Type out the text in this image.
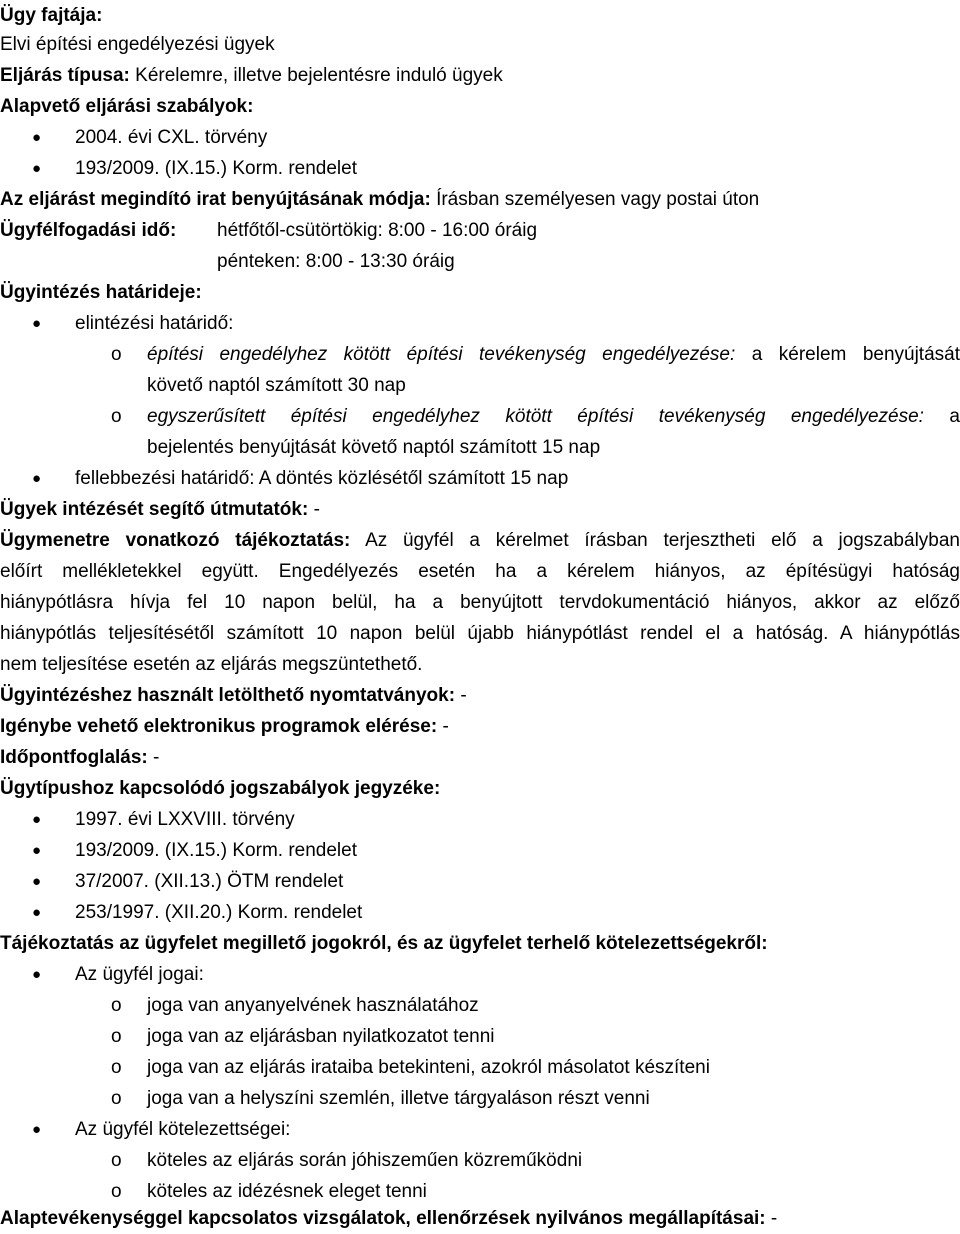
Ügy fajtája:
Elvi építési engedélyezési ügyek
Eljárás típusa: Kérelemre, illetve bejelentésre induló ügyek
Alapvető eljárási szabályok:
● 2004. évi CXL. törvény
● 193/2009. (IX.15.) Korm. rendelet
Az eljárást megindító irat benyújtásának módja: Írásban személyesen vagy postai úton
Ügyfélfogadási idő: hétfőtől-csütörtökig: 8:00 - 16:00 óráig
pénteken: 8:00 - 13:30 óráig
Ügyintézés határideje:
● elintézési határidő:
o építési engedélyhez kötött építési tevékenység engedélyezése: a kérelem benyújtását
követő naptól számított 30 nap
o egyszerűsített építési engedélyhez kötött építési tevékenység engedélyezése: a
bejelentés benyújtását követő naptól számított 15 nap
● fellebbezési határidő: A döntés közlésétől számított 15 nap
Ügyek intézését segítő útmutatók: -
Ügymenetre vonatkozó tájékoztatás: Az ügyfél a kérelmet írásban terjesztheti elő a jogszabályban
előírt mellékletekkel együtt. Engedélyezés esetén ha a kérelem hiányos, az építésügyi hatóság
hiánypótlásra hívja fel 10 napon belül, ha a benyújtott tervdokumentáció hiányos, akkor az előző
hiánypótlás teljesítésétől számított 10 napon belül újabb hiánypótlást rendel el a hatóság. A hiánypótlás
nem teljesítése esetén az eljárás megszüntethető.
Ügyintézéshez használt letölthető nyomtatványok: -
Igénybe vehető elektronikus programok elérése: -
Időpontfoglalás: -
Ügytípushoz kapcsolódó jogszabályok jegyzéke:
● 1997. évi LXXVIII. törvény
● 193/2009. (IX.15.) Korm. rendelet
● 37/2007. (XII.13.) ÖTM rendelet
● 253/1997. (XII.20.) Korm. rendelet
Tájékoztatás az ügyfelet megillető jogokról, és az ügyfelet terhelő kötelezettségekről:
● Az ügyfél jogai:
o joga van anyanyelvének használatához
o joga van az eljárásban nyilatkozatot tenni
o joga van az eljárás irataiba betekinteni, azokról másolatot készíteni
o joga van a helyszíni szemlén, illetve tárgyaláson részt venni
● Az ügyfél kötelezettségei:
o köteles az eljárás során jóhiszeműen közreműködni
o köteles az idézésnek eleget tenni
Alaptevékenységgel kapcsolatos vizsgálatok, ellenőrzések nyilvános megállapításai: -
